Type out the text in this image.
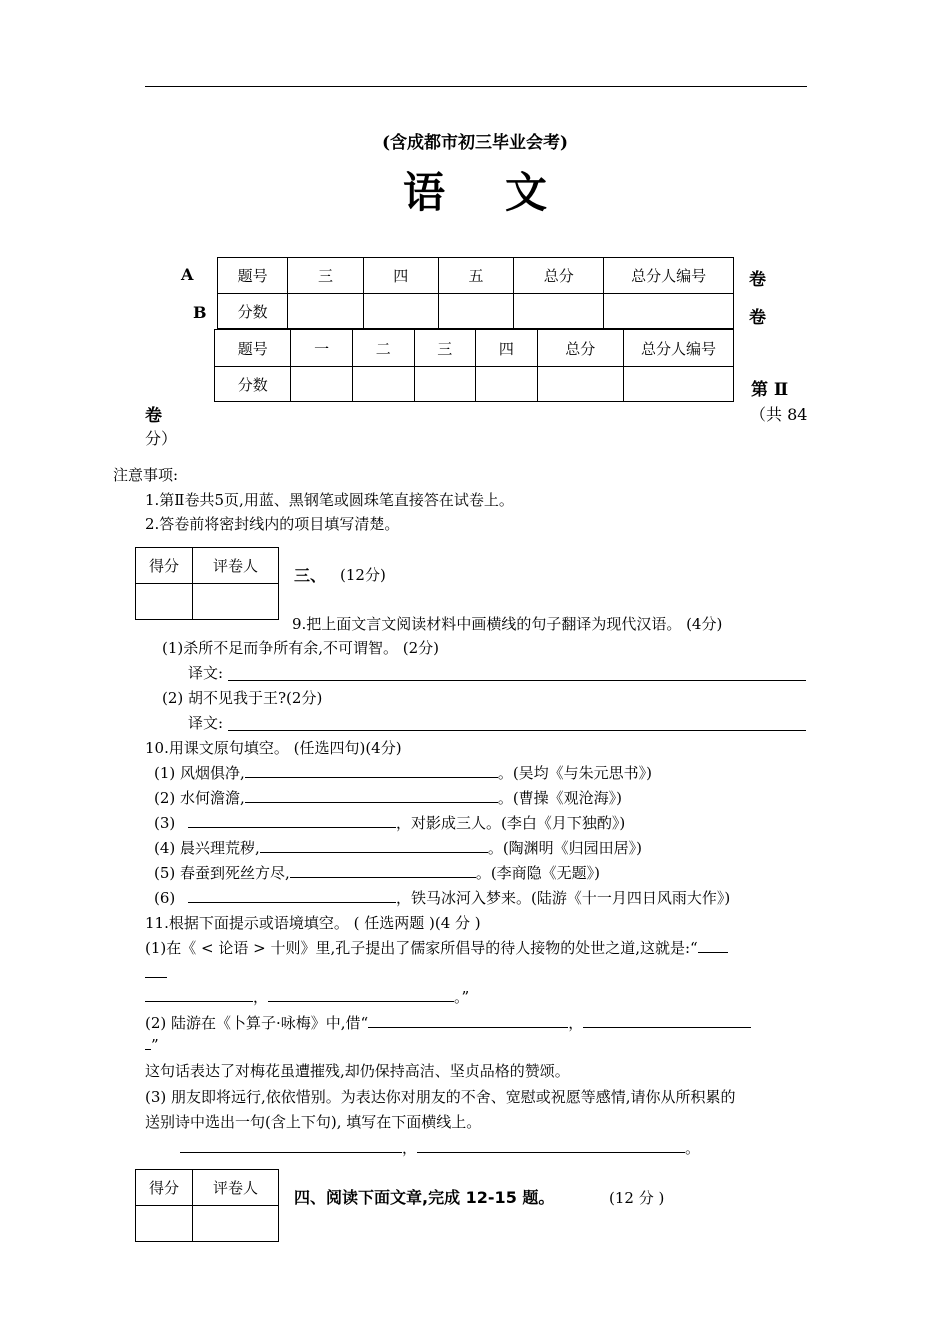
(含成都市初三毕业会考)
语文
A	卷
题号	三	四	五	总分	总分人编号
分数					
B	卷
题号	一	二	三	四	总分	总分人编号
分数							第 Ⅱ
卷	（共 84
分）
注意事项:
1.第Ⅱ卷共5页,用蓝、黑钢笔或圆珠笔直接答在试卷上。
2.答卷前将密封线内的项目填写清楚。
得分	评卷人
	三、 (12分)
9.把上面文言文阅读材料中画横线的句子翻译为现代汉语。 (4分)
(1)杀所不足而争所有余,不可谓智。 (2分)
译文:
(2) 胡不见我于王?(2分)
译文:
10.用课文原句填空。 (任选四句)(4分)
(1) 风烟俱净,	。(吴均《与朱元思书》)
(2) 水何澹澹,	。(曹操《观沧海》)
(3)	，对影成三人。(李白《月下独酌》)
(4) 晨兴理荒秽,	。(陶渊明《归园田居》)
(5) 春蚕到死丝方尽,	。(李商隐《无题》)
(6)	，铁马冰河入梦来。(陆游《十一月四日风雨大作》)
11.根据下面提示或语境填空。 ( 任选两题 )(4 分 )
(1)在《 < 论语 > 十则》里,孔子提出了儒家所倡导的待人接物的处世之道,这就是:“
，	。”
(2) 陆游在《卜算子·咏梅》中,借“	，
”
这句话表达了对梅花虽遭摧残,却仍保持高洁、坚贞品格的赞颂。
(3) 朋友即将远行,依依惜别。为表达你对朋友的不舍、宽慰或祝愿等感情,请你从所积累的
送别诗中选出一句(含上下句), 填写在下面横线上。
，	。
得分	评卷人
	四、阅读下面文章,完成 12-15 题。	(12 分 )
